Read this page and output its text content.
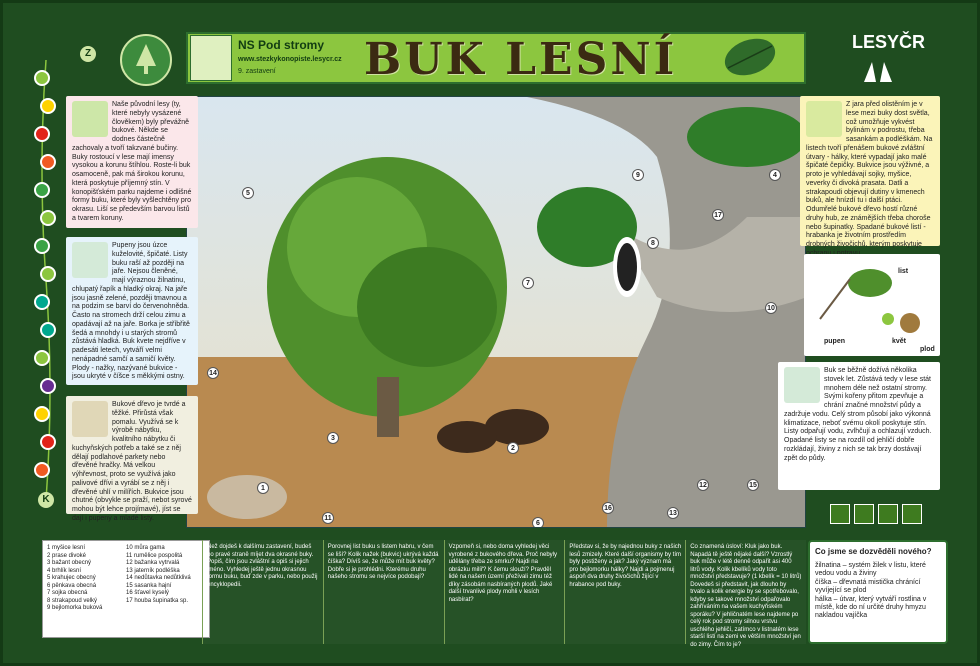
NS Pod stromy
www.stezkykonopiste.lesycr.cz
9. zastavení BUK LESNÍ	LESYČR
Z
K
1
2
3
4
5
6
7
8
9
10
11
12
13
14
15
16
17
Naše původní lesy (ty, které nebyly vysázené člověkem) byly převážně bukové. Někde se dodnes částečně zachovaly a tvoří takzvané bučiny. Buky rostoucí v lese mají imensy vysokou a korunu štíhlou. Roste-li buk osamoceně, pak má širokou korunu, která poskytuje příjemný stín. V konopišťském parku najdeme i odlišné formy buku, které byly vyšlechtěny pro okrasu. Liší se především barvou listů a tvarem koruny.
Pupeny jsou úzce kuželovité, špičaté. Listy buku raší až později na jaře. Nejsou členěné, mají výraznou žilnatinu, chlupatý řapík a hladký okraj. Na jaře jsou jasně zelené, později tmavnou a na podzim se barví do červenohněda. Často na stromech drží celou zimu a opadávají až na jaře. Borka je stříbřitě šedá a mnohdy i u starých stromů zůstává hladká. Buk kvete nejdříve v padesáti letech, vytváří velmi nenápadné samčí a samičí květy. Plody - nažky, nazývané bukvice - jsou ukryté v číšce s měkkými ostny.
Bukové dřevo je tvrdé a těžké. Přirůstá však pomalu. Využívá se k výrobě nábytku, kvalitního nábytku či kuchyňských potřeb a také se z něj dělají podlahové parkety nebo dřevěné hračky. Má velkou výhřevnost, proto se využívá jako palivové dřívi a vyrábí se z něj i dřevěné uhlí v milířích. Bukvice jsou chutné (obvykle se praží, nebot syrové mohou být lehce projímavé), jíst se dají i pupeny a mladé listy.
Z jara před olistěním je v lese mezi buky dost světla, což umožňuje vykvést bylinám v podrostu, třeba sasankám a podléškám. Na listech tvoří přenášem bukové zvláštní útvary - hálky, které vypadají jako malé špičaté čepičky. Bukvice jsou výživné, a proto je vyhledávají sojky, myšice, veverky či divoká prasata. Datli a strakapoudi objevují dutiny v kmenech buků, ale hnízdí tu i další ptáci. Odumřelé bukové dřevo hostí různé druhy hub, ze známějších třeba choroše nebo šupinatky. Spadané bukové listí - hrabanka je životním prostředím drobných živočichů, kterým poskytuje
list
pupen	květ
plod
Buk se běžně dožívá několika stovek let. Zůstává tedy v lese stát mnohem déle než ostatní stromy. Svými kořeny přitom zpevňuje a chrání značné množství půdy a zadržuje vodu. Celý strom působí jako výkonná klimatizace, neboť svému okolí poskytuje stín. Listy odpařují vodu, zvlhčují a ochlazují vzduch. Opadané listy se na rozdíl od jehličí dobře rozkládají, živiny z nich se tak brzy dostávají zpět do půdy.
1 myšice lesní
2 prase divoké
3 bažant obecný
4 brhlík lesní
5 krahujec obecný
6 pěnkava obecná
7 sojka obecná
8 strakapoud velký
9 bejlomorka buková
10 můra gama
11 rumělice pospolitá
12 bažanka vytrvalá
13 jaterník podléška
14 nedůtavka nedůtklivá
15 sasanka hajní
16 šťavel kyselý
17 houba šupinatka sp.
Než dojdeš k dalšímu zastavení, budeš po pravé straně míjet dva okrasné buky. Popiš, čím jsou zvláštní a opiš si jejich jméno. Vyhledej ještě jednu okrasnou formu buku, buď zde v parku, nebo použij encyklopedii.
Porovnej list buku s listem habru, v čem se liší? Kolik nažek (bukvic) ukrývá každá číška? Dívíš se, že může mít buk květy? Dobře si je prohlédni. Kterému druhu našeho stromu se nejvíce podobají?
Vzpomeň si, nebo doma vyhledej věci vyrobené z bukového dřeva. Proč nebyly udělány třeba ze smrku? Najdi na obrázku milíř? K čemu slouží? Pravděl lidé na našem území přežívali zimu též díky zásobám nasbíraných plodů. Jaké další trvanlivé plody mohli v lesích nasbírat?
Představ si, že by najednou buky z našich lesů zmizely. Které další organismy by tím byly postiženy a jak? Jaký význam má pro bejlomorku hálky? Najdi a pojmenuj aspoň dva druhy živočichů žijící v hrabance pod buky.
Co znamená úsloví: Kluk jako buk. Napadá tě ještě nějaké další? Vzrostlý buk může v létě denně odpařit asi 400 litrů vody. Kolik kbelíků vody toto množství představuje? (1 kbelík = 10 litrů) Dovedeš si představit, jak dlouho by trvalo a kolik energie by se spotřebovalo, kdyby se takové množství odpařovalo zahříváním na vašem kuchyňském sporáku? V jehličnatém lese najdeme po celý rok pod stromy silnou vrstvu uschlého jehličí, zatímco v listnatém lese starší listí na zemi ve větším množství jen do zimy. Čím to je?
Co jsme se dozvěděli nového?

žilnatina – systém žilek v listu, které vedou vodu a živiny

číška – dřevnatá mistička chránící vyvíjející se plod

hálka – útvar, který vytváří rostlina v místě, kde do ní určité druhy hmyzu nakladou vajíčka
